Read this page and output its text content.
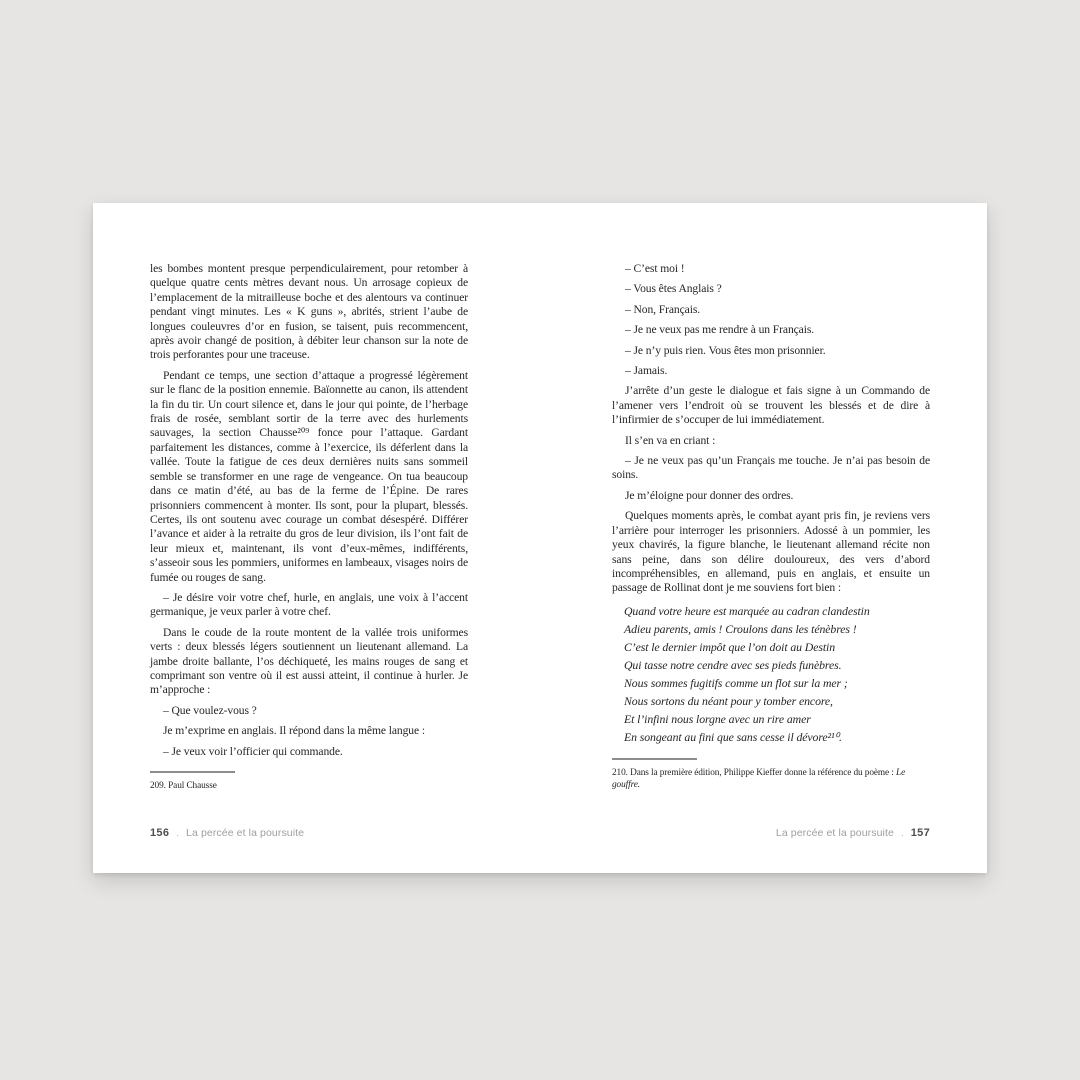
les bombes montent presque perpendiculairement, pour retomber à quelque quatre cents mètres devant nous. Un arrosage copieux de l’emplacement de la mitrailleuse boche et des alentours va continuer pendant vingt minutes. Les « K guns », abrités, strient l’aube de longues couleuvres d’or en fusion, se taisent, puis recommencent, après avoir changé de position, à débiter leur chanson sur la note de trois perforantes pour une traceuse.

Pendant ce temps, une section d’attaque a progressé légèrement sur le flanc de la position ennemie. Baïonnette au canon, ils attendent la fin du tir. Un court silence et, dans le jour qui pointe, de l’herbage frais de rosée, semblant sortir de la terre avec des hurlements sauvages, la section Chausse²⁰⁹ fonce pour l’attaque. Gardant parfaitement les distances, comme à l’exercice, ils déferlent dans la vallée. Toute la fatigue de ces deux dernières nuits sans sommeil semble se transformer en une rage de vengeance. On tua beaucoup dans ce matin d’été, au bas de la ferme de l’Épine. De rares prisonniers commencent à monter. Ils sont, pour la plupart, blessés. Certes, ils ont soutenu avec courage un combat désespéré. Différer l’avance et aider à la retraite du gros de leur division, ils l’ont fait de leur mieux et, maintenant, ils vont d’eux-mêmes, indifférents, s’asseoir sous les pommiers, uniformes en lambeaux, visages noirs de fumée ou rouges de sang.

– Je désire voir votre chef, hurle, en anglais, une voix à l’accent germanique, je veux parler à votre chef.

Dans le coude de la route montent de la vallée trois uniformes verts : deux blessés légers soutiennent un lieutenant allemand. La jambe droite ballante, l’os déchiqueté, les mains rouges de sang et comprimant son ventre où il est aussi atteint, il continue à hurler. Je m’approche :

– Que voulez-vous ?

Je m’exprime en anglais. Il répond dans la même langue :

– Je veux voir l’officier qui commande.

209. Paul Chausse

– C’est moi !

– Vous êtes Anglais ?

– Non, Français.

– Je ne veux pas me rendre à un Français.

– Je n’y puis rien. Vous êtes mon prisonnier.

– Jamais.

J’arrête d’un geste le dialogue et fais signe à un Commando de l’amener vers l’endroit où se trouvent les blessés et de dire à l’infirmier de s’occuper de lui immédiatement.

Il s’en va en criant :

– Je ne veux pas qu’un Français me touche. Je n’ai pas besoin de soins.

Je m’éloigne pour donner des ordres.

Quelques moments après, le combat ayant pris fin, je reviens vers l’arrière pour interroger les prisonniers. Adossé à un pommier, les yeux chavirés, la figure blanche, le lieutenant allemand récite non sans peine, dans son délire douloureux, des vers d’abord incompréhensibles, en allemand, puis en anglais, et ensuite un passage de Rollinat dont je me souviens fort bien :

Quand votre heure est marquée au cadran clandestin

Adieu parents, amis ! Croulons dans les ténèbres !

C’est le dernier impôt que l’on doit au Destin

Qui tasse notre cendre avec ses pieds funèbres.

Nous sommes fugitifs comme un flot sur la mer ;

Nous sortons du néant pour y tomber encore,

Et l’infini nous lorgne avec un rire amer

En songeant au fini que sans cesse il dévore²¹⁰.

210. Dans la première édition, Philippe Kieffer donne la référence du poème : Le gouffre.

156 . La percée et la poursuite	La percée et la poursuite . 157
